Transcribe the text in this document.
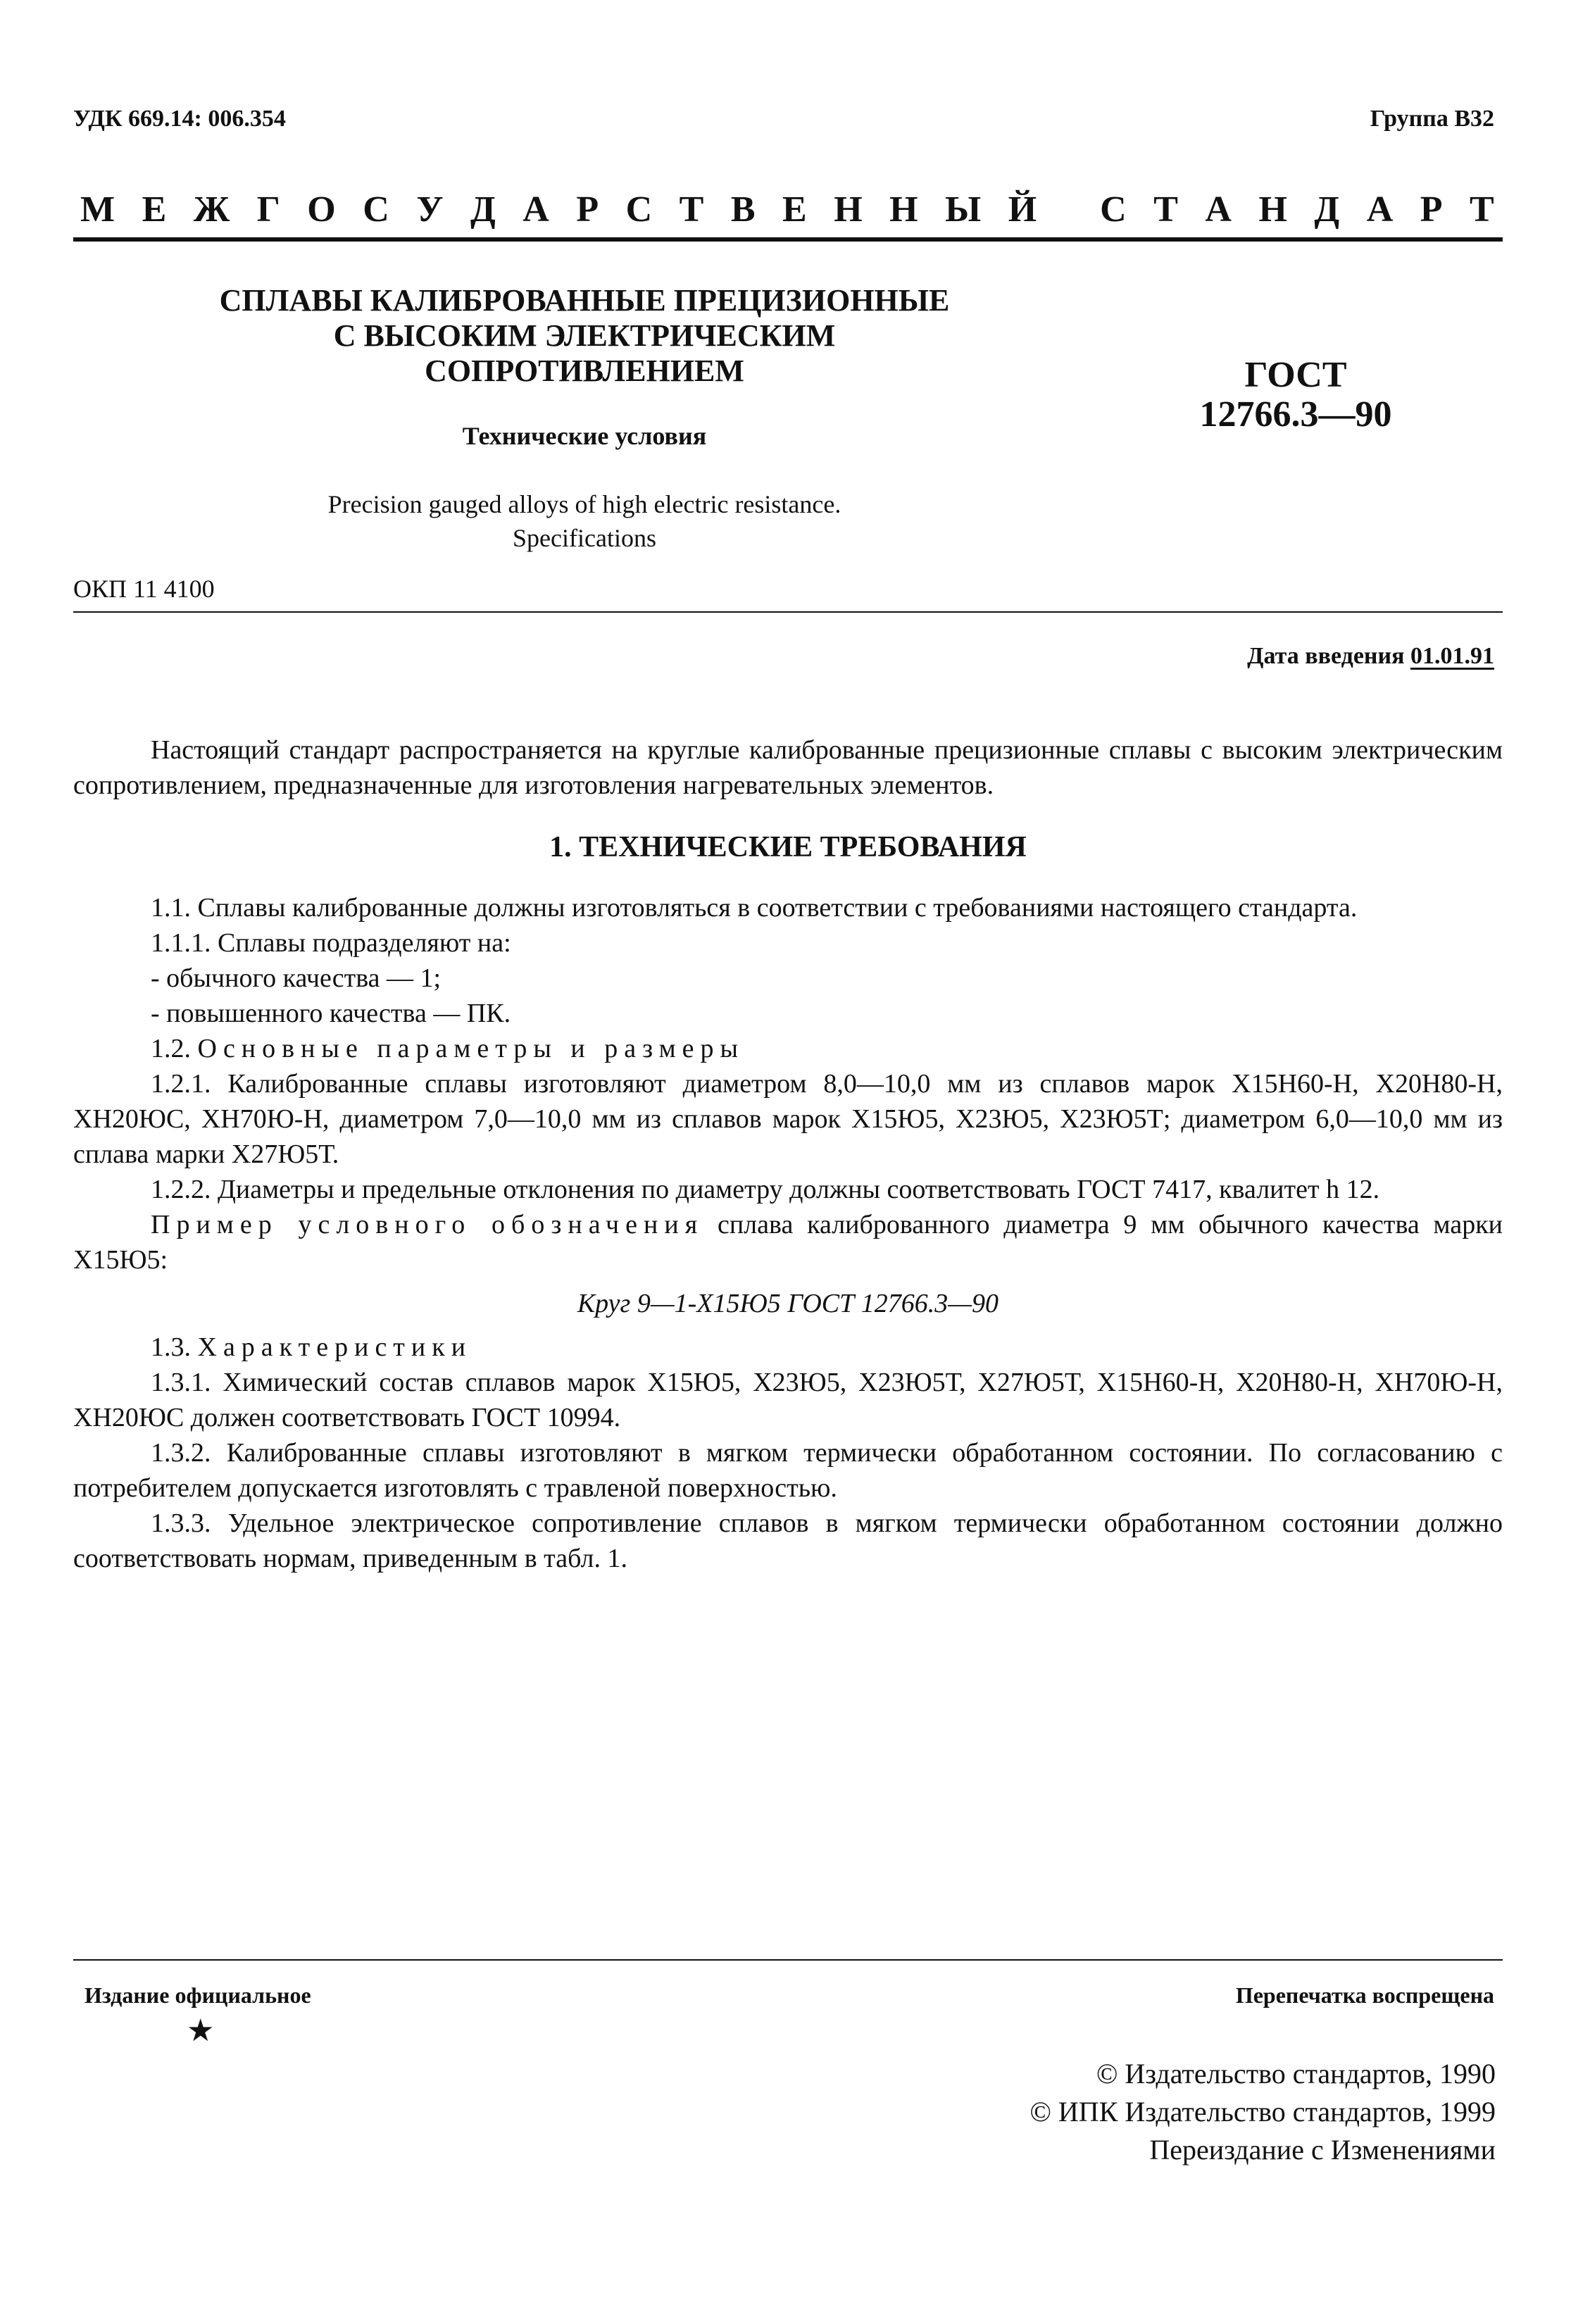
УДК 669.14: 006.354	Группа В32
М Е Ж Г О С У Д А Р С Т В Е Н Н Ы Й
С Т А Н Д А Р Т
СПЛАВЫ КАЛИБРОВАННЫЕ ПРЕЦИЗИОННЫЕ
С ВЫСОКИМ ЭЛЕКТРИЧЕСКИМ
СОПРОТИВЛЕНИЕМ
Технические условия
ГОСТ
12766.3—90
Precision gauged alloys of high electric resistance.
Specifications
ОКП 11 4100
Дата введения 01.01.91

Настоящий стандарт распространяется на круглые калиброванные прецизионные сплавы с высоким электрическим сопротивлением, предназначенные для изготовления нагревательных элементов.

1. ТЕХНИЧЕСКИЕ ТРЕБОВАНИЯ

1.1. Сплавы калиброванные должны изготовляться в соответствии с требованиями настоящего стандарта.

1.1.1. Сплавы подразделяют на:

- обычного качества — 1;

- повышенного качества — ПК.

1.2. Основные параметры и размеры

1.2.1. Калиброванные сплавы изготовляют диаметром 8,0—10,0 мм из сплавов марок Х15Н60-Н, Х20Н80-Н, ХН20ЮС, ХН70Ю-Н, диаметром 7,0—10,0 мм из сплавов марок Х15Ю5, Х23Ю5, Х23Ю5Т; диаметром 6,0—10,0 мм из сплава марки Х27Ю5Т.

1.2.2. Диаметры и предельные отклонения по диаметру должны соответствовать ГОСТ 7417, квалитет h 12.

Пример условного обозначения сплава калиброванного диаметра 9 мм обычного качества марки Х15Ю5:

Круг 9—1-Х15Ю5 ГОСТ 12766.3—90

1.3. Характеристики

1.3.1. Химический состав сплавов марок Х15Ю5, Х23Ю5, Х23Ю5Т, Х27Ю5Т, Х15Н60-Н, Х20Н80-Н, ХН70Ю-Н, ХН20ЮС должен соответствовать ГОСТ 10994.

1.3.2. Калиброванные сплавы изготовляют в мягком термически обработанном состоянии. По согласованию с потребителем допускается изготовлять с травленой поверхностью.

1.3.3. Удельное электрическое сопротивление сплавов в мягком термически обработанном состоянии должно соответствовать нормам, приведенным в табл. 1.

Издание официальное
★
Перепечатка воспрещена
© Издательство стандартов, 1990
© ИПК Издательство стандартов, 1999
Переиздание с Изменениями
